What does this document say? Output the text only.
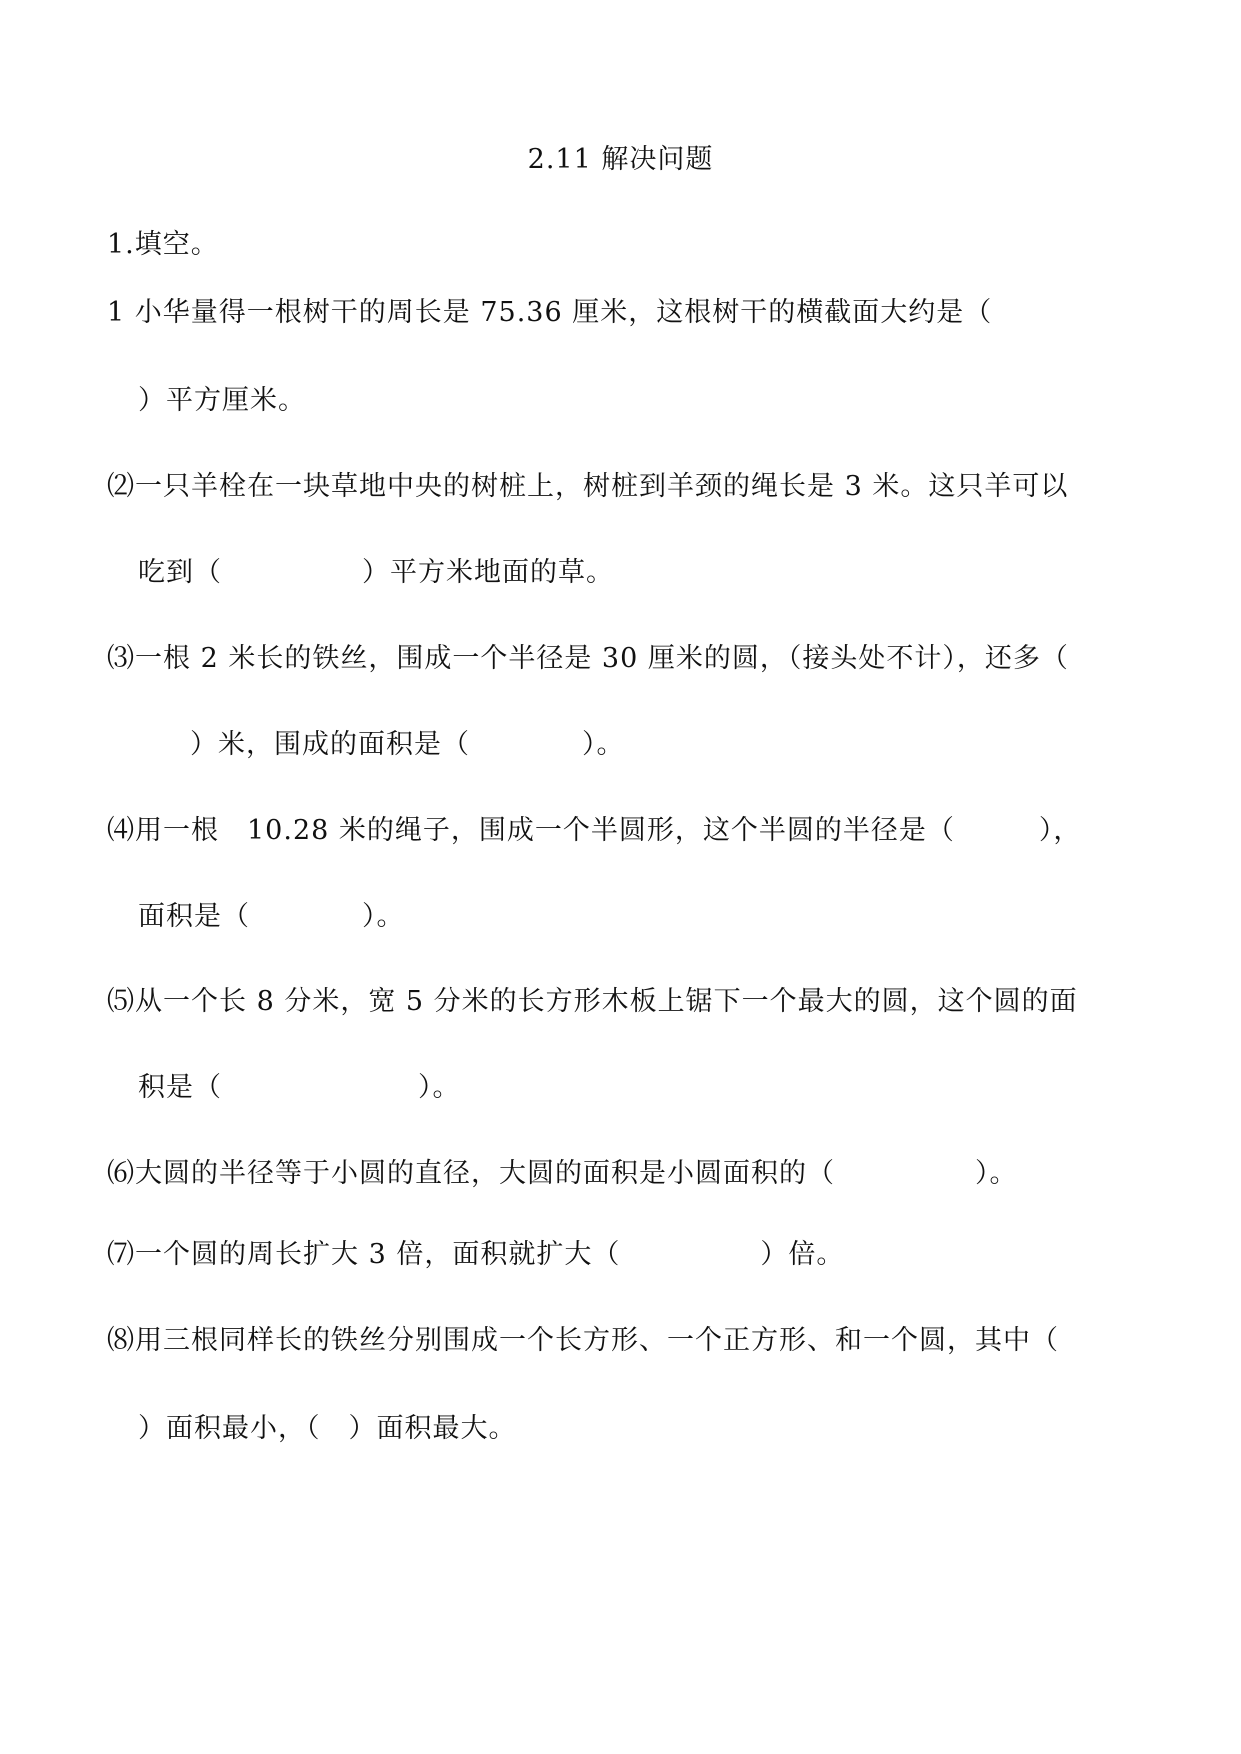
2.11 解决问题
1.填空。
1 小华量得一根树干的周长是 75.36 厘米，这根树干的横截面大约是（
）平方厘米。
⑵一只羊栓在一块草地中央的树桩上，树桩到羊颈的绳长是 3 米。这只羊可以
吃到（　　　　　）平方米地面的草。
⑶一根 2 米长的铁丝，围成一个半径是 30 厘米的圆，（接头处不计），还多（
）米，围成的面积是（　　　　）。
⑷用一根　10.28 米的绳子，围成一个半圆形，这个半圆的半径是（　　　），
面积是（　　　　）。
⑸从一个长 8 分米，宽 5 分米的长方形木板上锯下一个最大的圆，这个圆的面
积是（　　　　　　　）。
⑹大圆的半径等于小圆的直径，大圆的面积是小圆面积的（　　　　　）。
⑺一个圆的周长扩大 3 倍，面积就扩大（　　　　　）倍。
⑻用三根同样长的铁丝分别围成一个长方形、一个正方形、和一个圆，其中（
）面积最小，（　）面积最大。
